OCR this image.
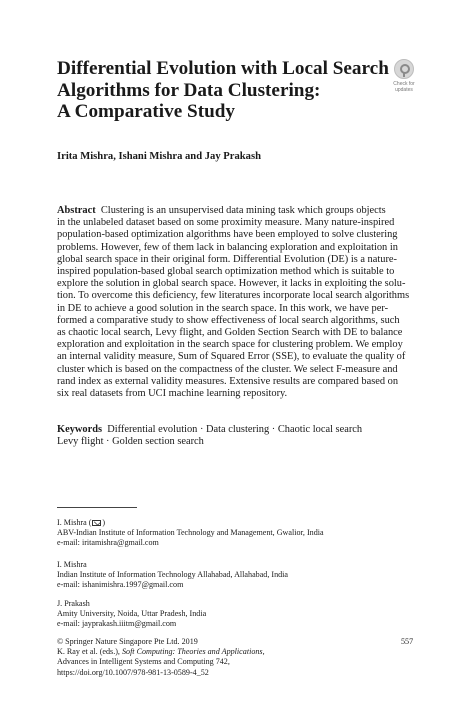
Differential Evolution with Local Search
Algorithms for Data Clustering:
A Comparative Study
Check for
updates
Irita Mishra, Ishani Mishra and Jay Prakash
Abstract Clustering is an unsupervised data mining task which groups objects
in the unlabeled dataset based on some proximity measure. Many nature-inspired
population-based optimization algorithms have been employed to solve clustering
problems. However, few of them lack in balancing exploration and exploitation in
global search space in their original form. Differential Evolution (DE) is a nature-
inspired population-based global search optimization method which is suitable to
explore the solution in global search space. However, it lacks in exploiting the solu-
tion. To overcome this deficiency, few literatures incorporate local search algorithms
in DE to achieve a good solution in the search space. In this work, we have per-
formed a comparative study to show effectiveness of local search algorithms, such
as chaotic local search, Levy flight, and Golden Section Search with DE to balance
exploration and exploitation in the search space for clustering problem. We employ
an internal validity measure, Sum of Squared Error (SSE), to evaluate the quality of
cluster which is based on the compactness of the cluster. We select F-measure and
rand index as external validity measures. Extensive results are compared based on
six real datasets from UCI machine learning repository.
Keywords Differential evolution · Data clustering · Chaotic local search
Levy flight · Golden section search
I. Mishra ( )
ABV-Indian Institute of Information Technology and Management, Gwalior, India
e-mail: iritamishra@gmail.com
I. Mishra
Indian Institute of Information Technology Allahabad, Allahabad, India
e-mail: ishanimishra.1997@gmail.com
J. Prakash
Amity University, Noida, Uttar Pradesh, India
e-mail: jayprakash.iiitm@gmail.com
© Springer Nature Singapore Pte Ltd. 2019
K. Ray et al. (eds.), Soft Computing: Theories and Applications,
Advances in Intelligent Systems and Computing 742,
https://doi.org/10.1007/978-981-13-0589-4_52
557
